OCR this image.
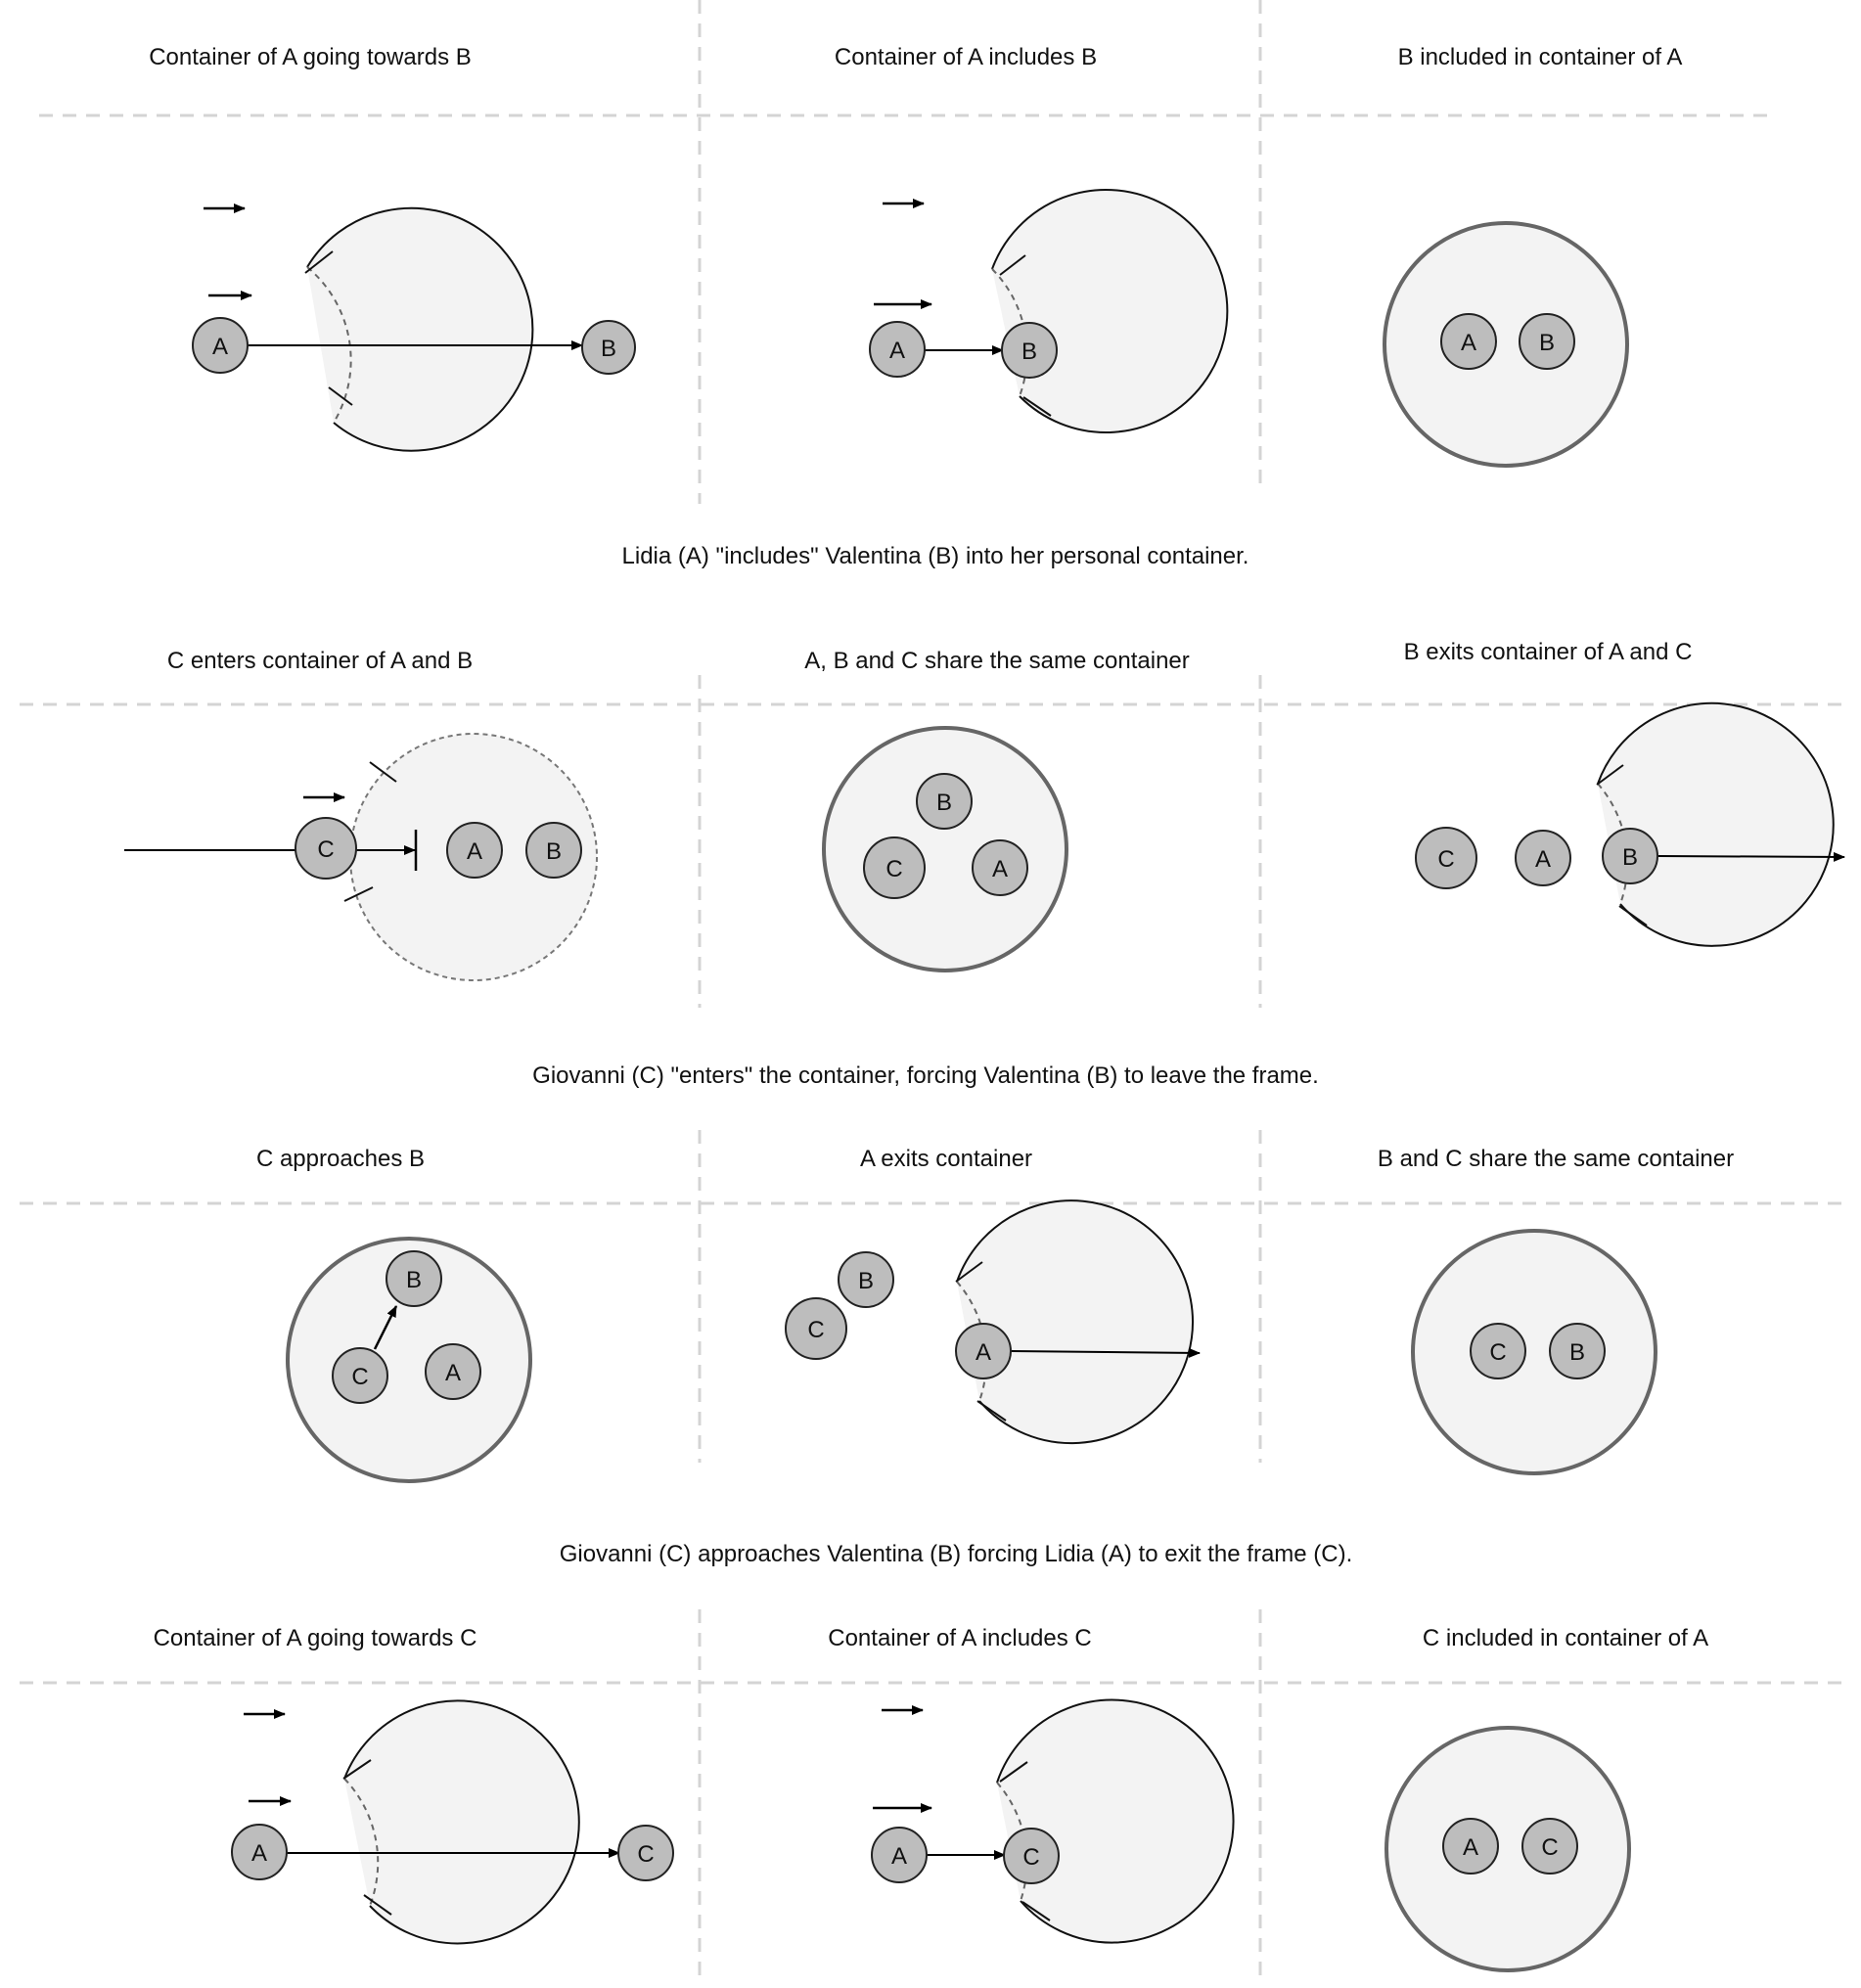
Container of A going towards B	Container of A includes B	B included in container of A
Lidia (A) "includes" Valentina (B) into her personal container.
C enters container of A and B	A, B and C share the same container	B exits container of A and C
Giovanni (C) "enters" the container, forcing Valentina (B) to leave the frame.
C approaches B	A exits container	B and C share the same container
Giovanni (C) approaches Valentina (B) forcing Lidia (A) to exit the frame (C).
Container of A going towards C	Container of A includes C	C included in container of A
A	B	A	B	A	B
C	A	B
B
C	A	C	A	B
B
C	A
B
C
A	C	B
A	C	A	C	A	C
